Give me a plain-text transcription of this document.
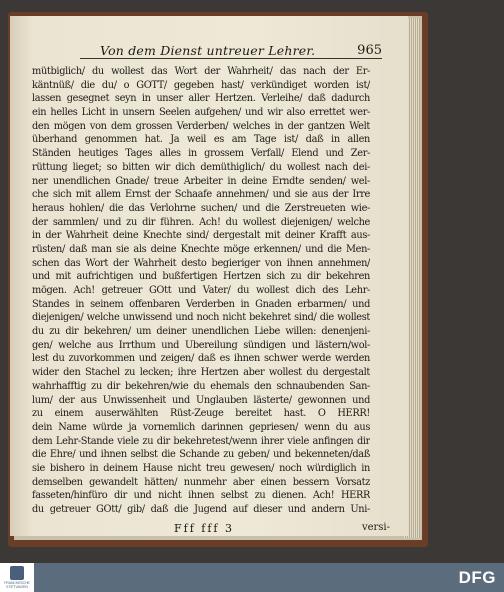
Von dem Dienst untreuer Lehrer.	965
mütbiglich/ du wollest das Wort der Wahrheit/ das nach der Er-
käntnüß/ die du/ o GOTT/ gegeben hast/ verkündiget worden ist/
lassen gesegnet seyn in unser aller Hertzen. Verleihe/ daß dadurch
ein helles Licht in unsern Seelen aufgehen/ und wir also errettet wer-
den mögen von dem grossen Verderben/ welches in der gantzen Welt
überhand genommen hat. Ja weil es am Tage ist/ daß in allen
Ständen heutiges Tages alles in grossem Verfall/ Elend und Zer-
rüttung lieget; so bitten wir dich demüthiglich/ du wollest nach dei-
ner unendlichen Gnade/ treue Arbeiter in deine Erndte senden/ wel-
che sich mit allem Ernst der Schaafe annehmen/ und sie aus der Irre
heraus hohlen/ die das Verlohrne suchen/ und die Zerstreueten wie-
der sammlen/ und zu dir führen. Ach! du wollest diejenigen/ welche
in der Wahrheit deine Knechte sind/ dergestalt mit deiner Krafft aus-
rüsten/ daß man sie als deine Knechte möge erkennen/ und die Men-
schen das Wort der Wahrheit desto begieriger von ihnen annehmen/
und mit aufrichtigen und bußfertigen Hertzen sich zu dir bekehren
mögen. Ach! getreuer GOtt und Vater/ du wollest dich des Lehr-
Standes in seinem offenbaren Verderben in Gnaden erbarmen/ und
diejenigen/ welche unwissend und noch nicht bekehret sind/ die wollest
du zu dir bekehren/ um deiner unendlichen Liebe willen: denenjeni-
gen/ welche aus Irrthum und Ubereilung sündigen und lästern/wol-
lest du zuvorkommen und zeigen/ daß es ihnen schwer werde werden
wider den Stachel zu lecken; ihre Hertzen aber wollest du dergestalt
wahrhafftig zu dir bekehren/wie du ehemals den schnaubenden San-
lum/ der aus Unwissenheit und Unglauben lästerte/ gewonnen und
zu einem auserwählten Rüst-Zeuge bereitet hast. O HERR!
dein Name würde ja vornemlich darinnen gepriesen/ wenn du aus
dem Lehr-Stande viele zu dir bekehretest/wenn ihrer viele anfingen dir
die Ehre/ und ihnen selbst die Schande zu geben/ und bekenneten/daß
sie bishero in deinem Hause nicht treu gewesen/ noch würdiglich in
demselben gewandelt hätten/ nunmehr aber einen bessern Vorsatz
fasseten/hinfüro dir und nicht ihnen selbst zu dienen. Ach! HERR
du getreuer GOtt/ gib/ daß die Jugend auf dieser und andern Uni-
Fff fff 3	versi-
FRANCKESCHE
STIFTUNGEN	DFG
